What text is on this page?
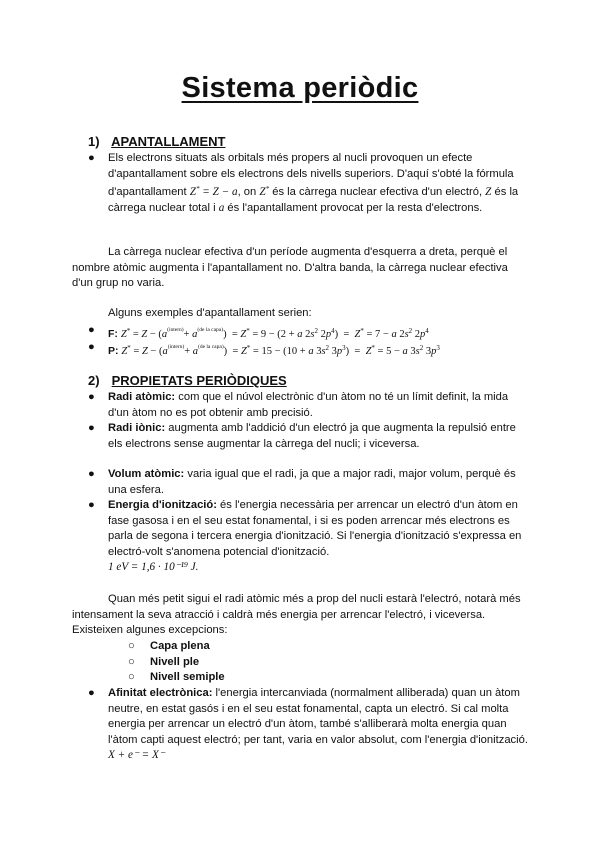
Sistema periòdic
1) APANTALLAMENT
● Els electrons situats als orbitals més propers al nucli provoquen un efecte d'apantallament sobre els electrons dels nivells superiors. D'aquí s'obté la fórmula d'apantallament Z* = Z − a, on Z* és la càrrega nuclear efectiva d'un electró, Z és la càrrega nuclear total i a és l'apantallament provocat per la resta d'electrons.
La càrrega nuclear efectiva d'un període augmenta d'esquerra a dreta, perquè el nombre atòmic augmenta i l'apantallament no. D'altra banda, la càrrega nuclear efectiva d'un grup no varia.
Alguns exemples d'apantallament serien:
● F: $Z^* = Z - (a^{(intern)}+ a^{(de la capa)}) = Z^* = 9 - (2 + a$ $2s^2$ $2p^4) = Z^* = 7 - a$ $2s^2$ $2p^4$
● P: $Z^* = Z - (a^{(intern)}+ a^{(de la capa)}) = Z^* = 15 - (10 + a$ $3s^2$ $3p^3) = Z^* = 5 - a$ $3s^2$ $3p^3$
2) PROPIETATS PERIÒDIQUES
● Radi atòmic: com que el núvol electrònic d'un àtom no té un límit definit, la mida d'un àtom no es pot obtenir amb precisió.
● Radi iònic: augmenta amb l'addició d'un electró ja que augmenta la repulsió entre els electrons sense augmentar la càrrega del nucli; i viceversa.
● Volum atòmic: varia igual que el radi, ja que a major radi, major volum, perquè és una esfera.
● Energia d'ionització: és l'energia necessària per arrencar un electró d'un àtom en fase gasosa i en el seu estat fonamental, i si es poden arrencar més electrons es parla de segona i tercera energia d'ionització. Si l'energia d'ionització s'expressa en electró-volt s'anomena potencial d'ionització.
1 eV = 1,6 · 10⁻¹⁹ J.
Quan més petit sigui el radi atòmic més a prop del nucli estarà l'electró, notarà més intensament la seva atracció i caldrà més energia per arrencar l'electró, i viceversa. Existeixen algunes excepcions:
○ Capa plena
○ Nivell ple
○ Nivell semiple
● Afinitat electrònica: l'energia intercanviada (normalment alliberada) quan un àtom neutre, en estat gasós i en el seu estat fonamental, capta un electró. Si cal molta energia per arrencar un electró d'un àtom, també s'alliberarà molta energia quan l'àtom capti aquest electró; per tant, varia en valor absolut, com l'energia d'ionització. X + e⁻ = X⁻
